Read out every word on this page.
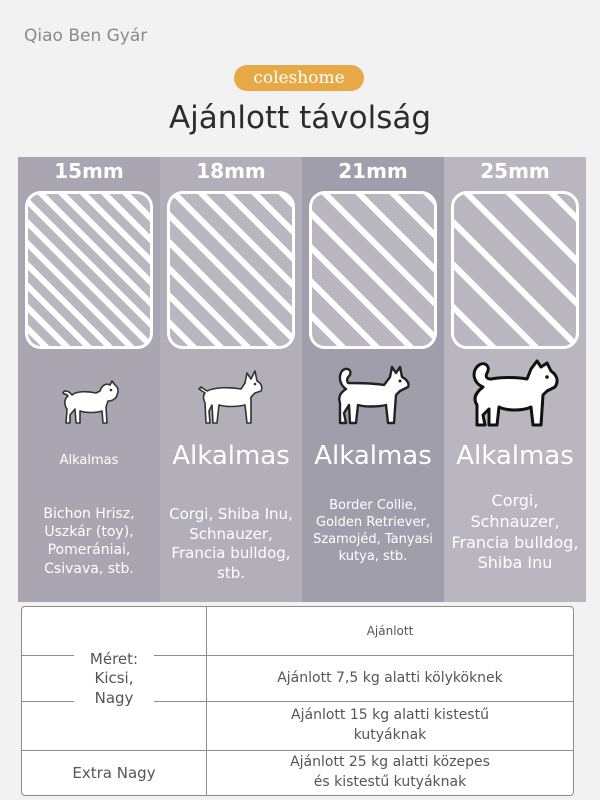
Qiao Ben Gyár
coleshome
Ajánlott távolság
15mm
Alkalmas
Bichon Hrisz, Uszkár (toy), Pomerániai, Csivava, stb.
18mm
Alkalmas
Corgi, Shiba Inu, Schnauzer, Francia bulldog, stb.
21mm
Alkalmas
Border Collie, Golden Retriever, Szamojéd, Tanyasi kutya, stb.
25mm
Alkalmas
Corgi, Schnauzer, Francia bulldog, Shiba Inu
Ajánlott
Ajánlott 7,5 kg alatti kölyköknek
Ajánlott 15 kg alatti kistestű kutyáknak
Ajánlott 25 kg alatti közepes és kistestű kutyáknak
Méret: Kicsi, Nagy
Extra Nagy
